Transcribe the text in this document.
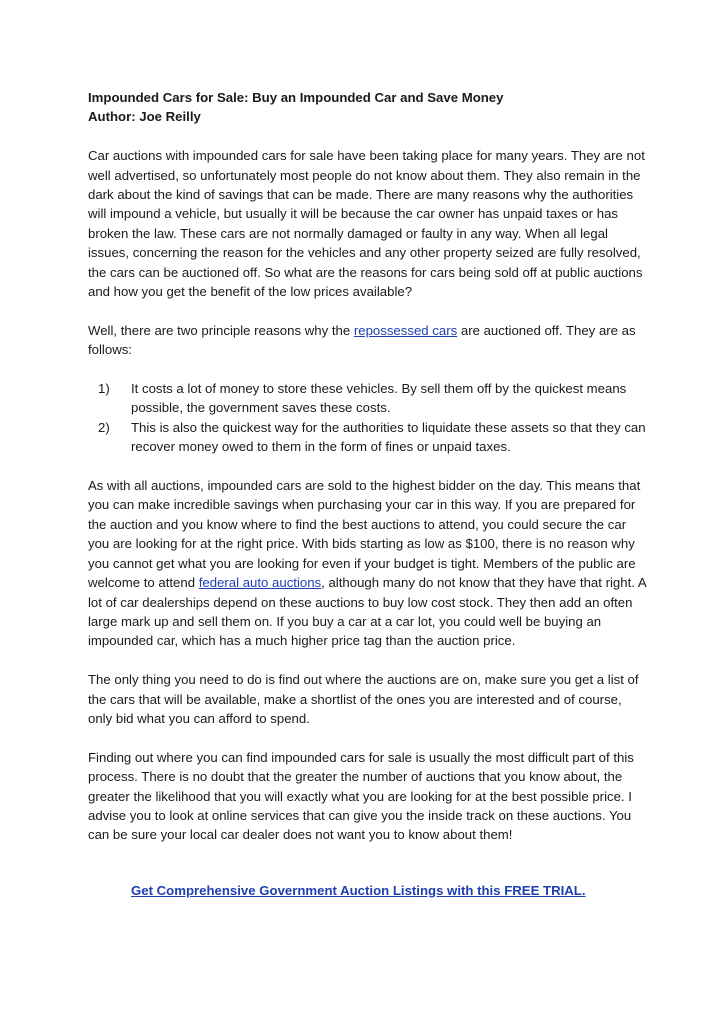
Impounded Cars for Sale: Buy an Impounded Car and Save Money
Author: Joe Reilly

Car auctions with impounded cars for sale have been taking place for many years. They are not well advertised, so unfortunately most people do not know about them. They also remain in the dark about the kind of savings that can be made. There are many reasons why the authorities will impound a vehicle, but usually it will be because the car owner has unpaid taxes or has broken the law. These cars are not normally damaged or faulty in any way. When all legal issues, concerning the reason for the vehicles and any other property seized are fully resolved, the cars can be auctioned off. So what are the reasons for cars being sold off at public auctions and how you get the benefit of the low prices available?

Well, there are two principle reasons why the repossessed cars are auctioned off. They are as follows:

1) It costs a lot of money to store these vehicles. By sell them off by the quickest means possible, the government saves these costs.
2) This is also the quickest way for the authorities to liquidate these assets so that they can recover money owed to them in the form of fines or unpaid taxes.

As with all auctions, impounded cars are sold to the highest bidder on the day. This means that you can make incredible savings when purchasing your car in this way. If you are prepared for the auction and you know where to find the best auctions to attend, you could secure the car you are looking for at the right price. With bids starting as low as $100, there is no reason why you cannot get what you are looking for even if your budget is tight. Members of the public are welcome to attend federal auto auctions, although many do not know that they have that right. A lot of car dealerships depend on these auctions to buy low cost stock. They then add an often large mark up and sell them on. If you buy a car at a car lot, you could well be buying an impounded car, which has a much higher price tag than the auction price.

The only thing you need to do is find out where the auctions are on, make sure you get a list of the cars that will be available, make a shortlist of the ones you are interested and of course, only bid what you can afford to spend.

Finding out where you can find impounded cars for sale is usually the most difficult part of this process. There is no doubt that the greater the number of auctions that you know about, the greater the likelihood that you will exactly what you are looking for at the best possible price. I advise you to look at online services that can give you the inside track on these auctions. You can be sure your local car dealer does not want you to know about them!

Get Comprehensive Government Auction Listings with this FREE TRIAL.
